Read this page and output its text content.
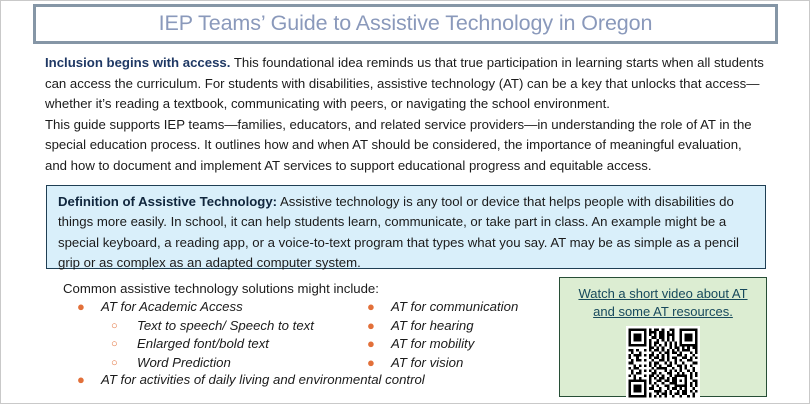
IEP Teams’ Guide to Assistive Technology in Oregon

Inclusion begins with access. This foundational idea reminds us that true participation in learning starts when all students can access the curriculum. For students with disabilities, assistive technology (AT) can be a key that unlocks that access—whether it’s reading a textbook, communicating with peers, or navigating the school environment.

This guide supports IEP teams—families, educators, and related service providers—in understanding the role of AT in the special education process. It outlines how and when AT should be considered, the importance of meaningful evaluation, and how to document and implement AT services to support educational progress and equitable access.

Definition of Assistive Technology: Assistive technology is any tool or device that helps people with disabilities do things more easily. In school, it can help students learn, communicate, or take part in class. An example might be a special keyboard, a reading app, or a voice-to-text program that types what you say. AT may be as simple as a pencil grip or as complex as an adapted computer system.

Common assistive technology solutions might include:
● AT for Academic Access
○ Text to speech/ Speech to text
○ Enlarged font/bold text
○ Word Prediction
● AT for communication
● AT for hearing
● AT for mobility
● AT for vision
● AT for activities of daily living and environmental control
Watch a short video about AT
and some AT resources.
